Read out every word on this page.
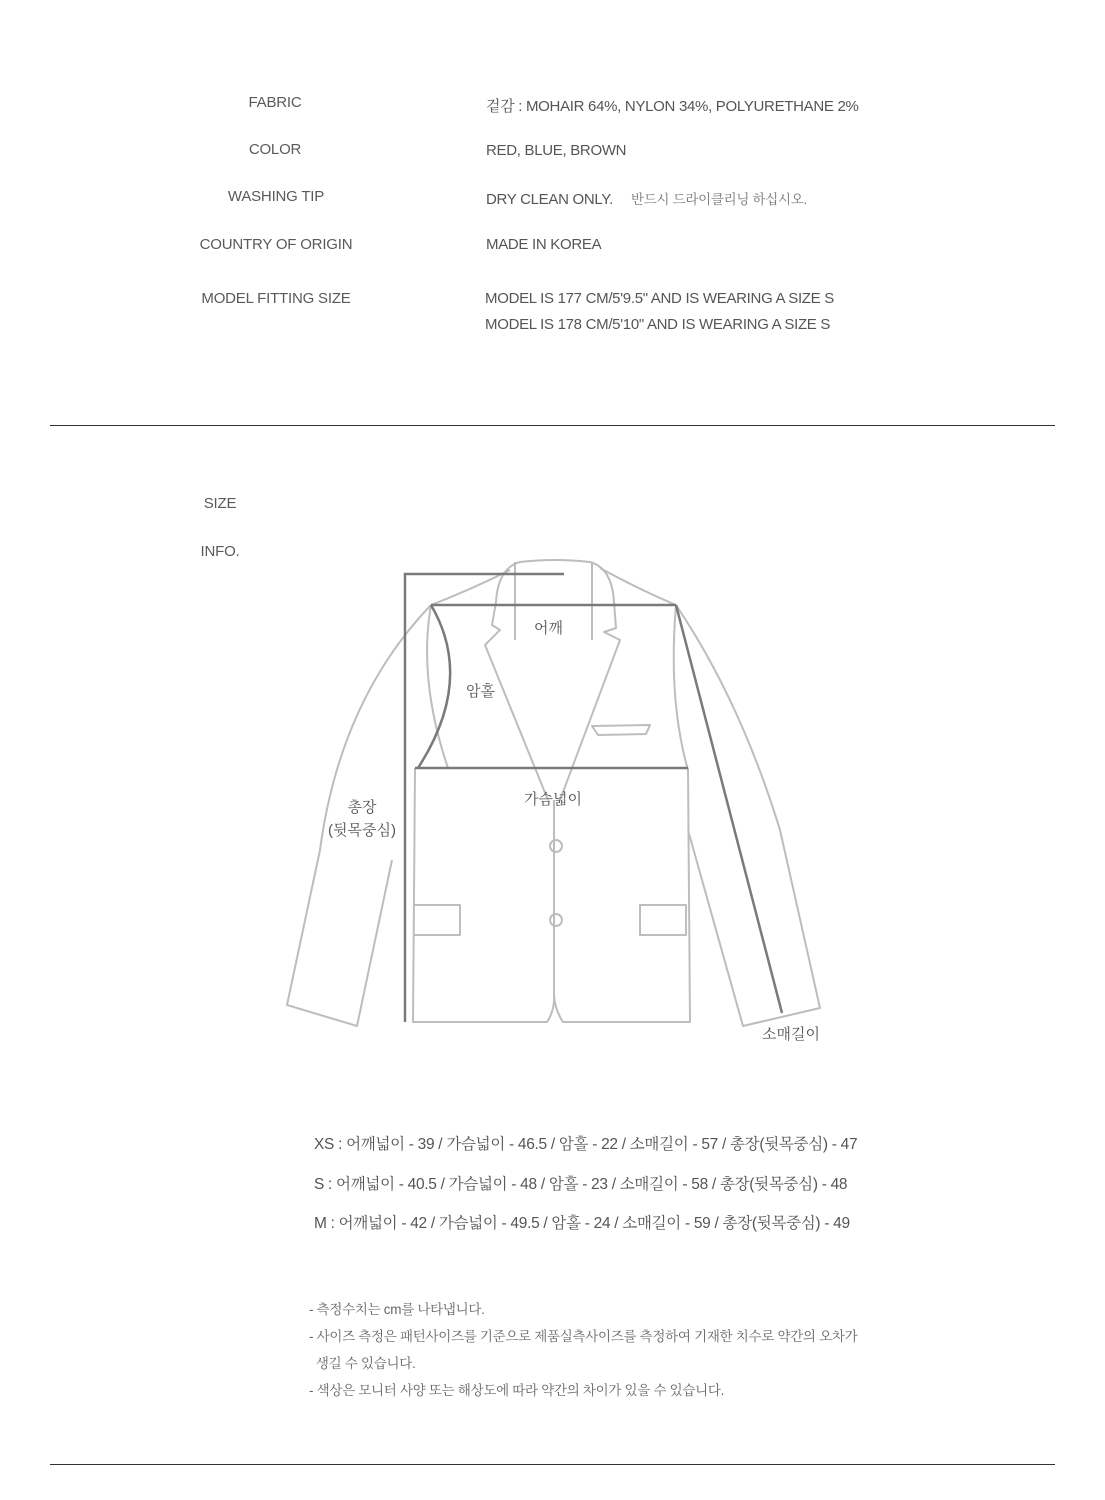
FABRIC	겉감 : MOHAIR 64%, NYLON 34%, POLYURETHANE 2%
COLOR	RED, BLUE, BROWN
WASHING TIP	DRY CLEAN ONLY. 반드시 드라이클리닝 하십시오.
COUNTRY OF ORIGIN	MADE IN KOREA
MODEL FITTING SIZE	MODEL IS 177 CM/5'9.5" AND IS WEARING A SIZE S
MODEL IS 178 CM/5'10" AND IS WEARING A SIZE S
SIZE
INFO.
어깨
암홀
가슴넓이
총장
(뒷목중심)
소매길이
XS : 어깨넓이 - 39 / 가슴넓이 - 46.5 / 암홀 - 22 / 소매길이 - 57 / 총장(뒷목중심) - 47
S : 어깨넓이 - 40.5 / 가슴넓이 - 48 / 암홀 - 23 / 소매길이 - 58 / 총장(뒷목중심) - 48
M : 어깨넓이 - 42 / 가슴넓이 - 49.5 / 암홀 - 24 / 소매길이 - 59 / 총장(뒷목중심) - 49
- 측정수치는 cm를 나타냅니다.
- 사이즈 측정은 패턴사이즈를 기준으로 제품실측사이즈를 측정하여 기재한 치수로 약간의 오차가
생길 수 있습니다.
- 색상은 모니터 사양 또는 해상도에 따라 약간의 차이가 있을 수 있습니다.
